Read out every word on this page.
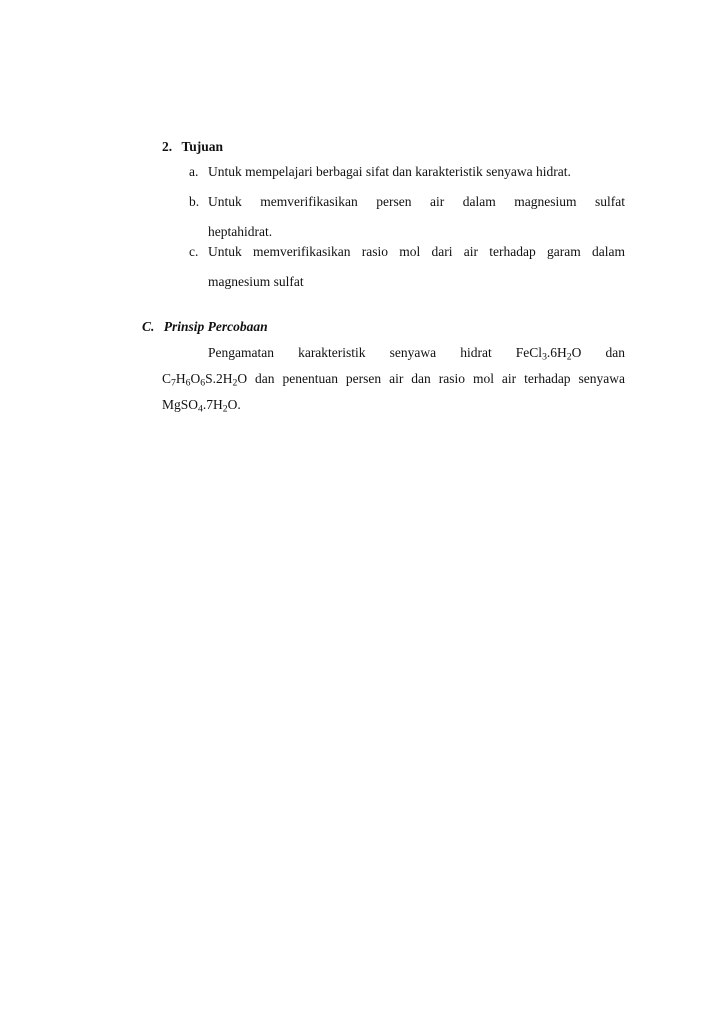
2. Tujuan
a. Untuk mempelajari berbagai sifat dan karakteristik senyawa hidrat.
b. Untuk memverifikasikan persen air dalam magnesium sulfat
heptahidrat.
c. Untuk memverifikasikan rasio mol dari air terhadap garam dalam
magnesium sulfat
C. Prinsip Percobaan
Pengamatan karakteristik senyawa hidrat $FeCl_3.6H_2O$ dan
$C_7H_6O_6S.2H_2O$ dan penentuan persen air dan rasio mol air terhadap senyawa
$MgSO_4.7H_2O$.
